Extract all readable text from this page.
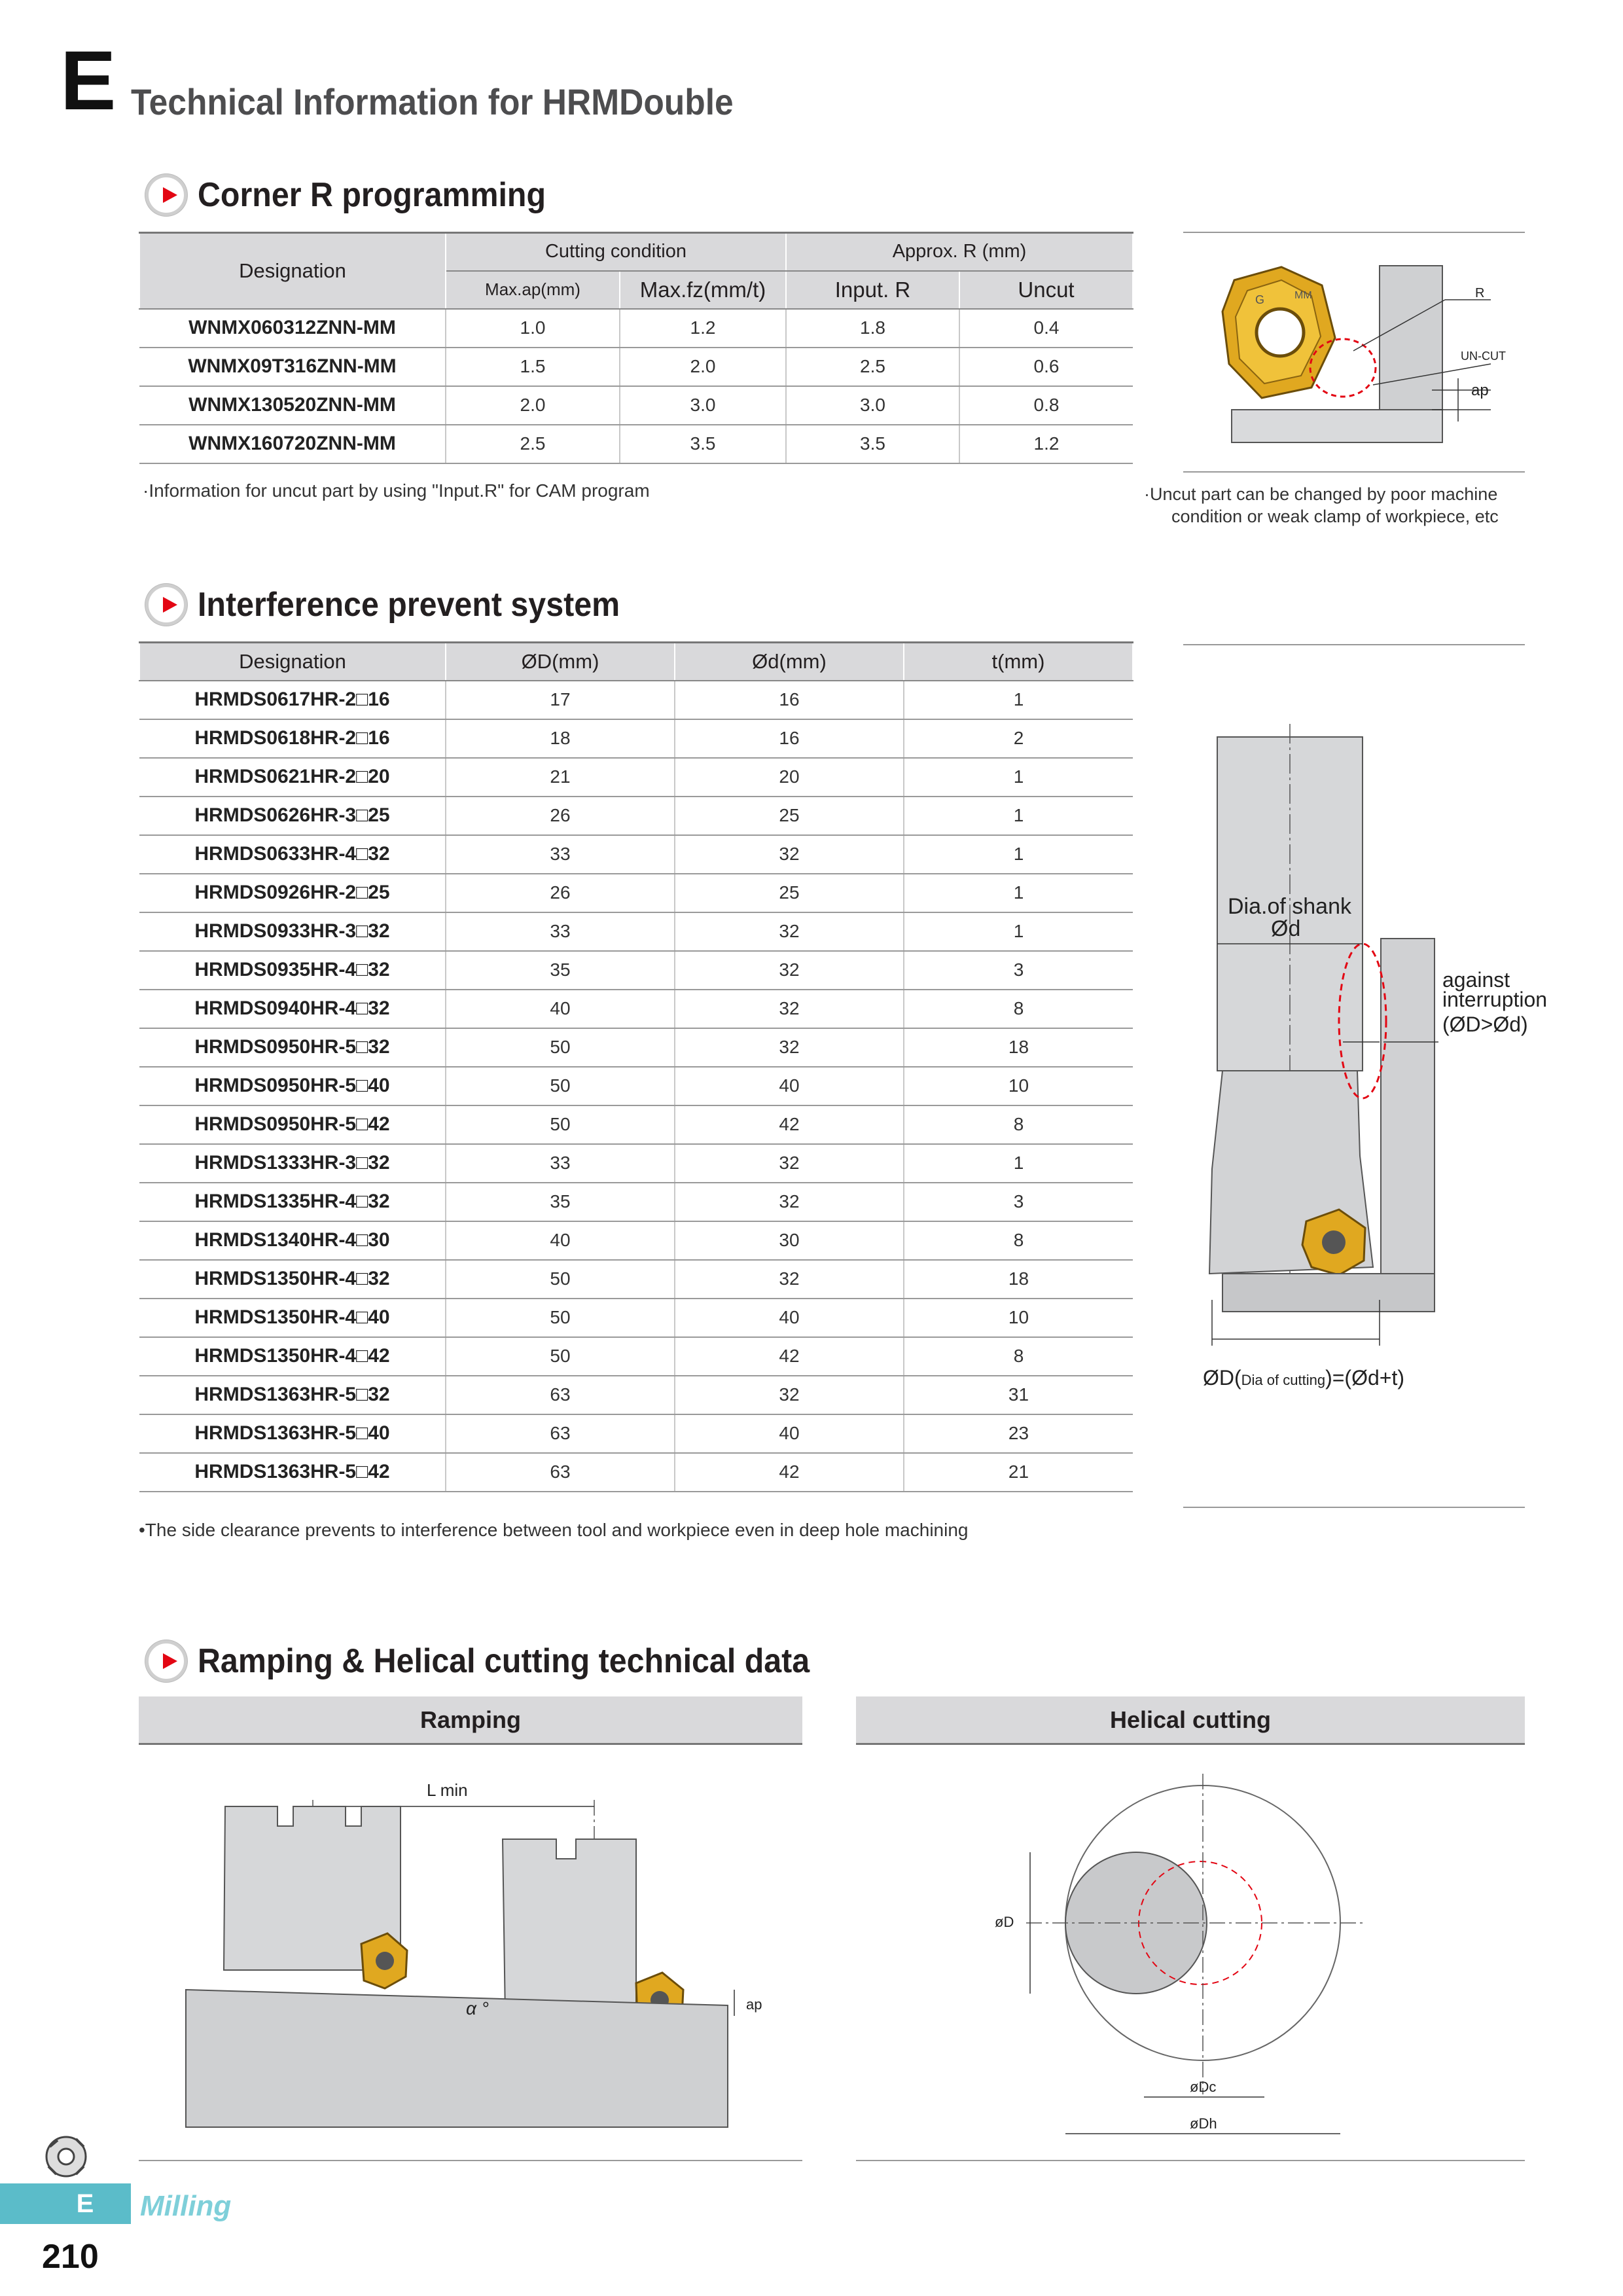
E Technical Information for HRMDouble
Corner R programming
Designation	Cutting condition		Approx. R (mm)	
	Max.ap(mm)	Max.fz(mm/t)	Input. R	Uncut
WNMX060312ZNN-MM	1.0	1.2	1.8	0.4
WNMX09T316ZNN-MM	1.5	2.0	2.5	0.6
WNMX130520ZNN-MM	2.0	3.0	3.0	0.8
WNMX160720ZNN-MM	2.5	3.5	3.5	1.2
·Information for uncut part by using "Input.R" for CAM program
G	MM	R
UN-CUT
ap
·Uncut part can be changed by poor machine
condition or weak clamp of workpiece, etc
Interference prevent system
Designation	ØD(mm)	Ød(mm)	t(mm)
HRMDS0617HR-2□16	17	16	1
HRMDS0618HR-2□16	18	16	2
HRMDS0621HR-2□20	21	20	1
HRMDS0626HR-3□25	26	25	1
HRMDS0633HR-4□32	33	32	1
HRMDS0926HR-2□25	26	25	1
HRMDS0933HR-3□32	33	32	1
HRMDS0935HR-4□32	35	32	3
HRMDS0940HR-4□32	40	32	8
HRMDS0950HR-5□32	50	32	18
HRMDS0950HR-5□40	50	40	10
HRMDS0950HR-5□42	50	42	8
HRMDS1333HR-3□32	33	32	1
HRMDS1335HR-4□32	35	32	3
HRMDS1340HR-4□30	40	30	8
HRMDS1350HR-4□32	50	32	18
HRMDS1350HR-4□40	50	40	10
HRMDS1350HR-4□42	50	42	8
HRMDS1363HR-5□32	63	32	31
HRMDS1363HR-5□40	63	40	23
HRMDS1363HR-5□42	63	42	21
•The side clearance prevents to interference between tool and workpiece even in deep hole machining
Dia.of shank
Ød
against
interruption
(ØD>Ød)
ØD(Dia of cutting)=(Ød+t)
Ramping & Helical cutting technical data
Ramping	Helical cutting
L min
α °	ap
øD
øDc
øDh
E	Milling
210
